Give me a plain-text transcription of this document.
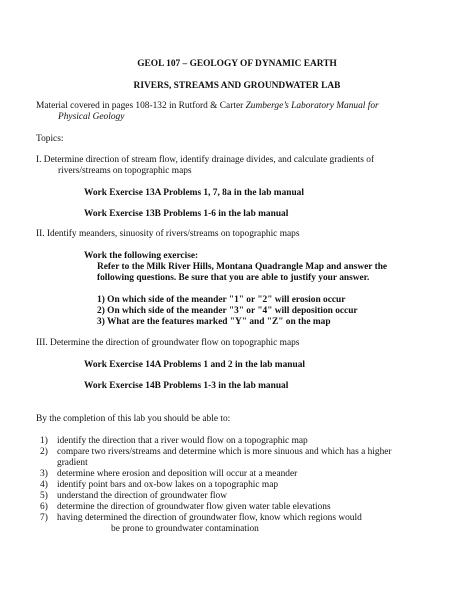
GEOL 107 – GEOLOGY OF DYNAMIC EARTH
RIVERS, STREAMS AND GROUNDWATER LAB
Material covered in pages 108-132 in Rutford & Carter Zumberge’s Laboratory Manual for
Physical Geology
Topics:
I. Determine direction of stream flow, identify drainage divides, and calculate gradients of
rivers/streams on topographic maps
Work Exercise 13A Problems 1, 7, 8a in the lab manual
Work Exercise 13B Problems 1-6 in the lab manual
II. Identify meanders, sinuosity of rivers/streams on topographic maps
Work the following exercise:
Refer to the Milk River Hills, Montana Quadrangle Map and answer the
following questions. Be sure that you are able to justify your answer.
1) On which side of the meander "1" or "2" will erosion occur
2) On which side of the meander "3" or "4" will deposition occur
3) What are the features marked "Y" and "Z" on the map
III. Determine the direction of groundwater flow on topographic maps
Work Exercise 14A Problems 1 and 2 in the lab manual
Work Exercise 14B Problems 1-3 in the lab manual
By the completion of this lab you should be able to:
1) identify the direction that a river would flow on a topographic map
2) compare two rivers/streams and determine which is more sinuous and which has a higher
gradient
3) determine where erosion and deposition will occur at a meander
4) identify point bars and ox-bow lakes on a topographic map
5) understand the direction of groundwater flow
6) determine the direction of groundwater flow given water table elevations
7) having determined the direction of groundwater flow, know which regions would
be prone to groundwater contamination
